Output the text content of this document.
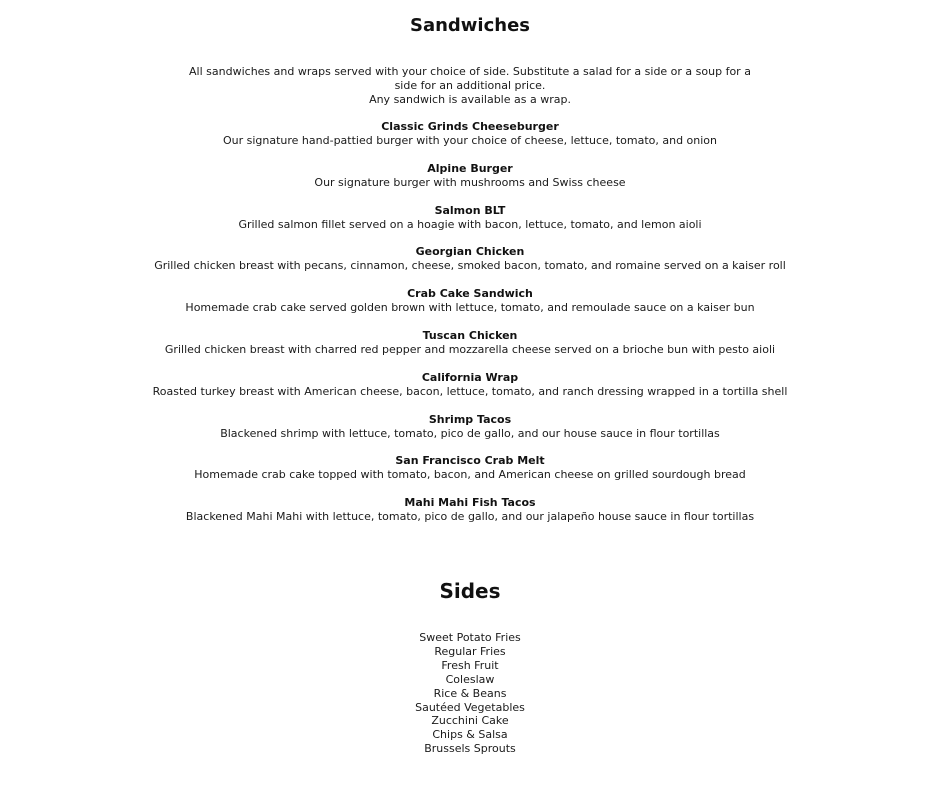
Sandwiches

All sandwiches and wraps served with your choice of side. Substitute a salad for a side or a soup for a side for an additional price.

Any sandwich is available as a wrap.

Classic Grinds Cheeseburger
Our signature hand-pattied burger with your choice of cheese, lettuce, tomato, and onion
Alpine Burger
Our signature burger with mushrooms and Swiss cheese
Salmon BLT
Grilled salmon fillet served on a hoagie with bacon, lettuce, tomato, and lemon aioli
Georgian Chicken
Grilled chicken breast with pecans, cinnamon, cheese, smoked bacon, tomato, and romaine served on a kaiser roll
Crab Cake Sandwich
Homemade crab cake served golden brown with lettuce, tomato, and remoulade sauce on a kaiser bun
Tuscan Chicken
Grilled chicken breast with charred red pepper and mozzarella cheese served on a brioche bun with pesto aioli
California Wrap
Roasted turkey breast with American cheese, bacon, lettuce, tomato, and ranch dressing wrapped in a tortilla shell
Shrimp Tacos
Blackened shrimp with lettuce, tomato, pico de gallo, and our house sauce in flour tortillas
San Francisco Crab Melt
Homemade crab cake topped with tomato, bacon, and American cheese on grilled sourdough bread
Mahi Mahi Fish Tacos
Blackened Mahi Mahi with lettuce, tomato, pico de gallo, and our jalapeño house sauce in flour tortillas
Sides
Sweet Potato Fries
Regular Fries
Fresh Fruit
Coleslaw
Rice & Beans
Sautéed Vegetables
Zucchini Cake
Chips & Salsa
Brussels Sprouts
